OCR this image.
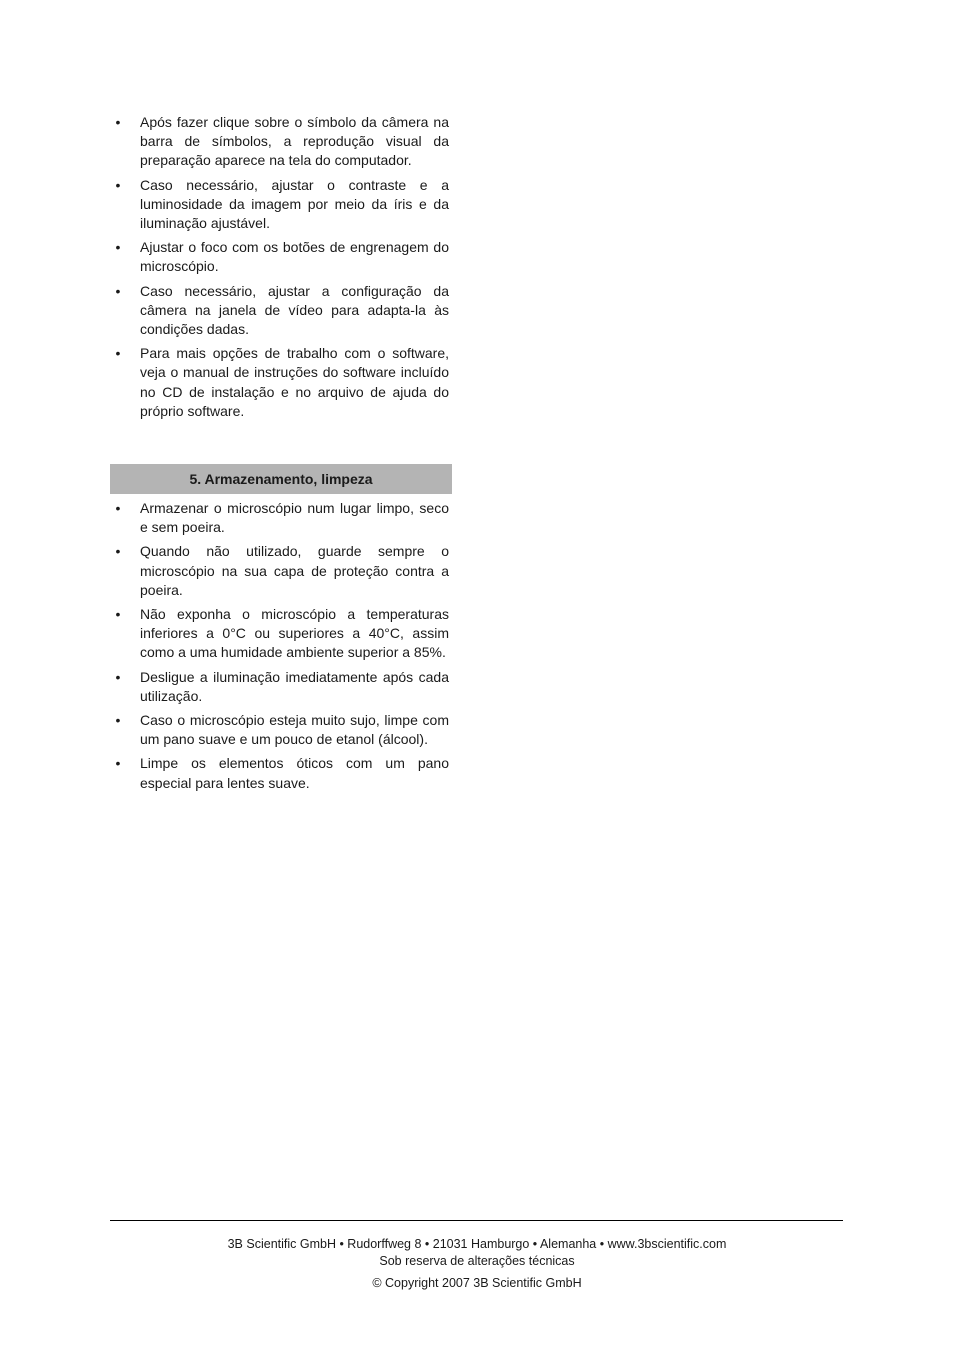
• Após fazer clique sobre o símbolo da câmera na barra de símbolos, a reprodução visual da preparação aparece na tela do computador.
• Caso necessário, ajustar o contraste e a luminosidade da imagem por meio da íris e da iluminação ajustável.
• Ajustar o foco com os botões de engrenagem do microscópio.
• Caso necessário, ajustar a configuração da câmera na janela de vídeo para adapta-la às condições dadas.
• Para mais opções de trabalho com o software, veja o manual de instruções do software incluído no CD de instalação e no arquivo de ajuda do próprio software.
5. Armazenamento, limpeza
• Armazenar o microscópio num lugar limpo, seco e sem poeira.
• Quando não utilizado, guarde sempre o microscópio na sua capa de proteção contra a poeira.
• Não exponha o microscópio a temperaturas inferiores a 0°C ou superiores a 40°C, assim como a uma humidade ambiente superior a 85%.
• Desligue a iluminação imediatamente após cada utilização.
• Caso o microscópio esteja muito sujo, limpe com um pano suave e um pouco de etanol (álcool).
• Limpe os elementos óticos com um pano especial para lentes suave.
3B Scientific GmbH • Rudorffweg 8 • 21031 Hamburgo • Alemanha • www.3bscientific.com
Sob reserva de alterações técnicas
© Copyright 2007 3B Scientific GmbH
